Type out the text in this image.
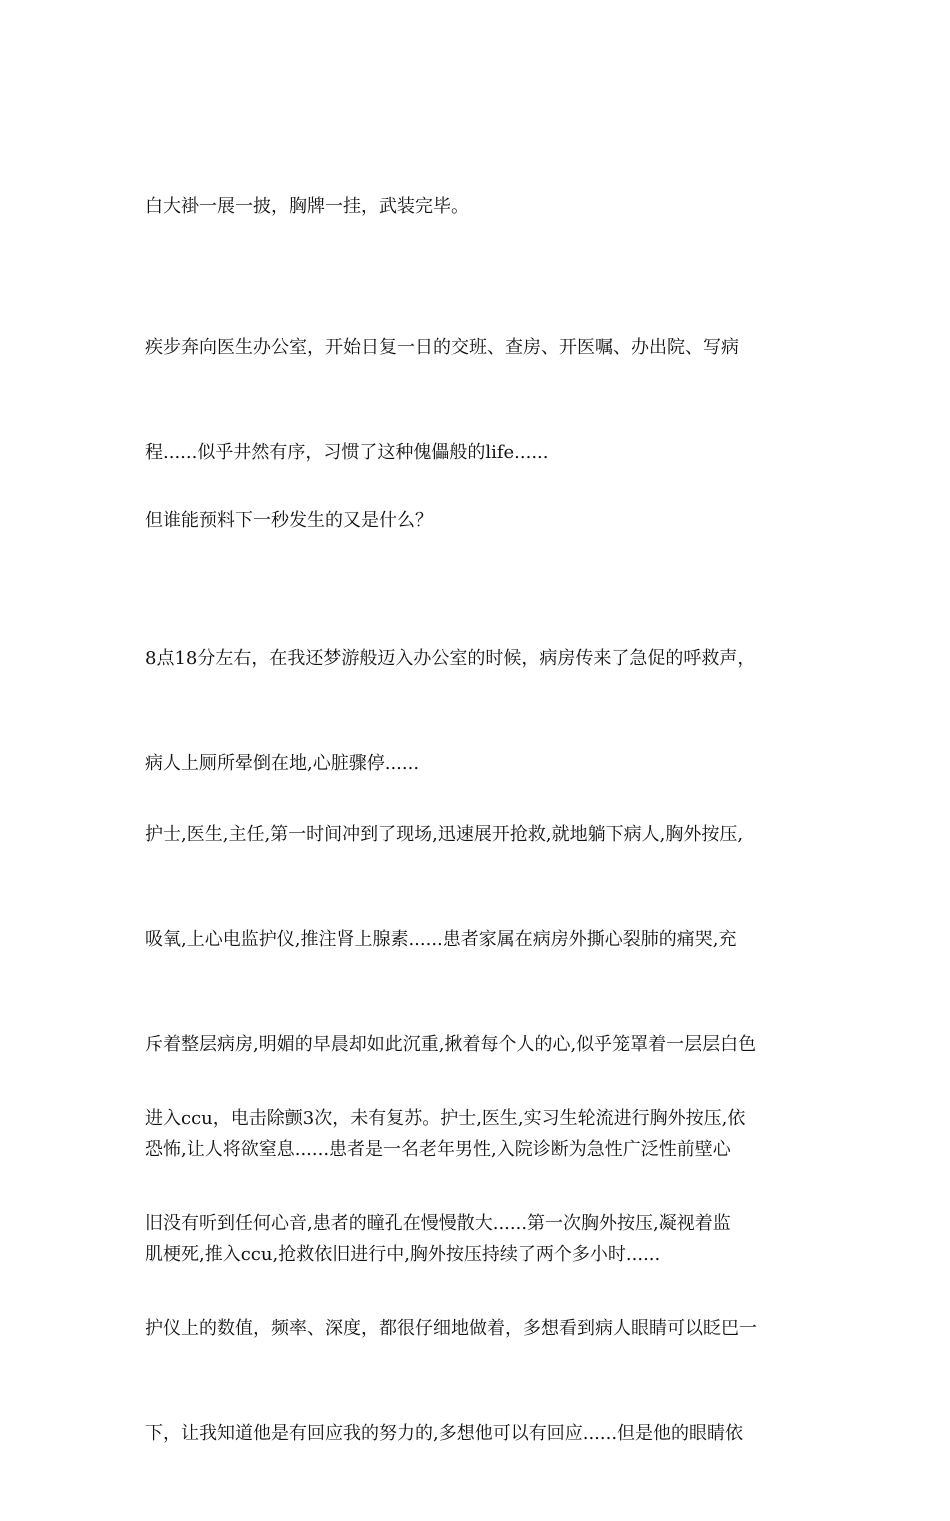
白大褂一展一披，胸牌一挂，武装完毕。

疾步奔向医生办公室，开始日复一日的交班、查房、开医嘱、办出院、写病

程......似乎井然有序，习惯了这种傀儡般的life......

但谁能预料下一秒发生的又是什么？

8点18分左右，在我还梦游般迈入办公室的时候，病房传来了急促的呼救声，

病人上厕所晕倒在地,心脏骤停......

护士,医生,主任,第一时间冲到了现场,迅速展开抢救,就地躺下病人,胸外按压,

吸氧,上心电监护仪,推注肾上腺素......患者家属在病房外撕心裂肺的痛哭,充

斥着整层病房,明媚的早晨却如此沉重,揪着每个人的心,似乎笼罩着一层层白色

恐怖,让人将欲窒息......患者是一名老年男性,入院诊断为急性广泛性前壁心

肌梗死,推入ccu,抢救依旧进行中,胸外按压持续了两个多小时......

进入ccu，电击除颤3次，未有复苏。护士,医生,实习生轮流进行胸外按压,依

旧没有听到任何心音,患者的瞳孔在慢慢散大......第一次胸外按压,凝视着监

护仪上的数值，频率、深度，都很仔细地做着，多想看到病人眼睛可以眨巴一

下，让我知道他是有回应我的努力的,多想他可以有回应......但是他的眼睛依
